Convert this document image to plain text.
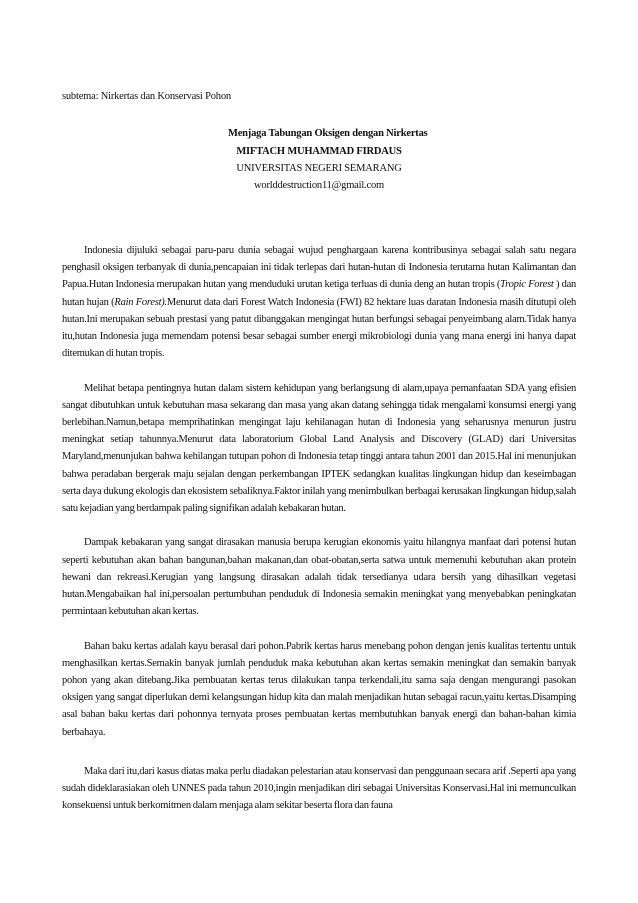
subtema: Nirkertas dan Konservasi Pohon
Menjaga Tabungan Oksigen dengan Nirkertas
MIFTACH MUHAMMAD FIRDAUS
UNIVERSITAS NEGERI SEMARANG
worlddestruction11@gmail.com

Indonesia dijuluki sebagai paru-paru dunia sebagai wujud penghargaan karena kontribusinya sebagai salah satu negara penghasil oksigen terbanyak di dunia,pencapaian ini tidak terlepas dari hutan-hutan di Indonesia terutama hutan Kalimantan dan Papua.Hutan Indonesia merupakan hutan yang menduduki urutan ketiga terluas di dunia deng an hutan tropis (Tropic Forest ) dan hutan hujan (Rain Forest).Menurut data dari Forest Watch Indonesia (FWI) 82 hektare luas daratan Indonesia masih ditutupi oleh hutan.Ini merupakan sebuah prestasi yang patut dibanggakan mengingat hutan berfungsi sebagai penyeimbang alam.Tidak hanya itu,hutan Indonesia juga memendam potensi besar sebagai sumber energi mikrobiologi dunia yang mana energi ini hanya dapat ditemukan di hutan tropis.

Melihat betapa pentingnya hutan dalam sistem kehidupan yang berlangsung di alam,upaya pemanfaatan SDA yang efisien sangat dibutuhkan untuk kebutuhan masa sekarang dan masa yang akan datang sehingga tidak mengalami konsumsi energi yang berlebihan.Namun,betapa memprihatinkan mengingat laju kehilanagan hutan di Indonesia yang seharusnya menurun justru meningkat setiap tahunnya.Menurut data laboratorium Global Land Analysis and Discovery (GLAD) dari Universitas Maryland,menunjukan bahwa kehilangan tutupan pohon di Indonesia tetap tinggi antara tahun 2001 dan 2015.Hal ini menunjukan bahwa peradaban bergerak maju sejalan dengan perkembangan IPTEK sedangkan kualitas lingkungan hidup dan keseimbagan serta daya dukung ekologis dan ekosistem sebaliknya.Faktor inilah yang menimbulkan berbagai kerusakan lingkungan hidup,salah satu kejadian yang berdampak paling signifikan adalah kebakaran hutan.

Dampak kebakaran yang sangat dirasakan manusia berupa kerugian ekonomis yaitu hilangnya manfaat dari potensi hutan seperti kebutuhan akan bahan bangunan,bahan makanan,dan obat-obatan,serta satwa untuk memenuhi kebutuhan akan protein hewani dan rekreasi.Kerugian yang langsung dirasakan adalah tidak tersedianya udara bersih yang dihasilkan vegetasi hutan.Mengabaikan hal ini,persoalan pertumbuhan penduduk di Indonesia semakin meningkat yang menyebabkan peningkatan permintaan kebutuhan akan kertas.

Bahan baku kertas adalah kayu berasal dari pohon.Pabrik kertas harus menebang pohon dengan jenis kualitas tertentu untuk menghasilkan kertas.Semakin banyak jumlah penduduk maka kebutuhan akan kertas semakin meningkat dan semakin banyak pohon yang akan ditebang.Jika pembuatan kertas terus dilakukan tanpa terkendali,itu sama saja dengan mengurangi pasokan oksigen yang sangat diperlukan demi kelangsungan hidup kita dan malah menjadikan hutan sebagai racun,yaitu kertas.Disamping asal bahan baku kertas dari pohonnya ternyata proses pembuatan kertas membutuhkan banyak energi dan bahan-bahan kimia berbahaya.

Maka dari itu,dari kasus diatas maka perlu diadakan pelestarian atau konservasi dan penggunaan secara arif .Seperti apa yang sudah dideklarasiakan oleh UNNES pada tahun 2010,ingin menjadikan diri sebagai Universitas Konservasi.Hal ini memunculkan konsekuensi untuk berkomitmen dalam menjaga alam sekitar beserta flora dan fauna
